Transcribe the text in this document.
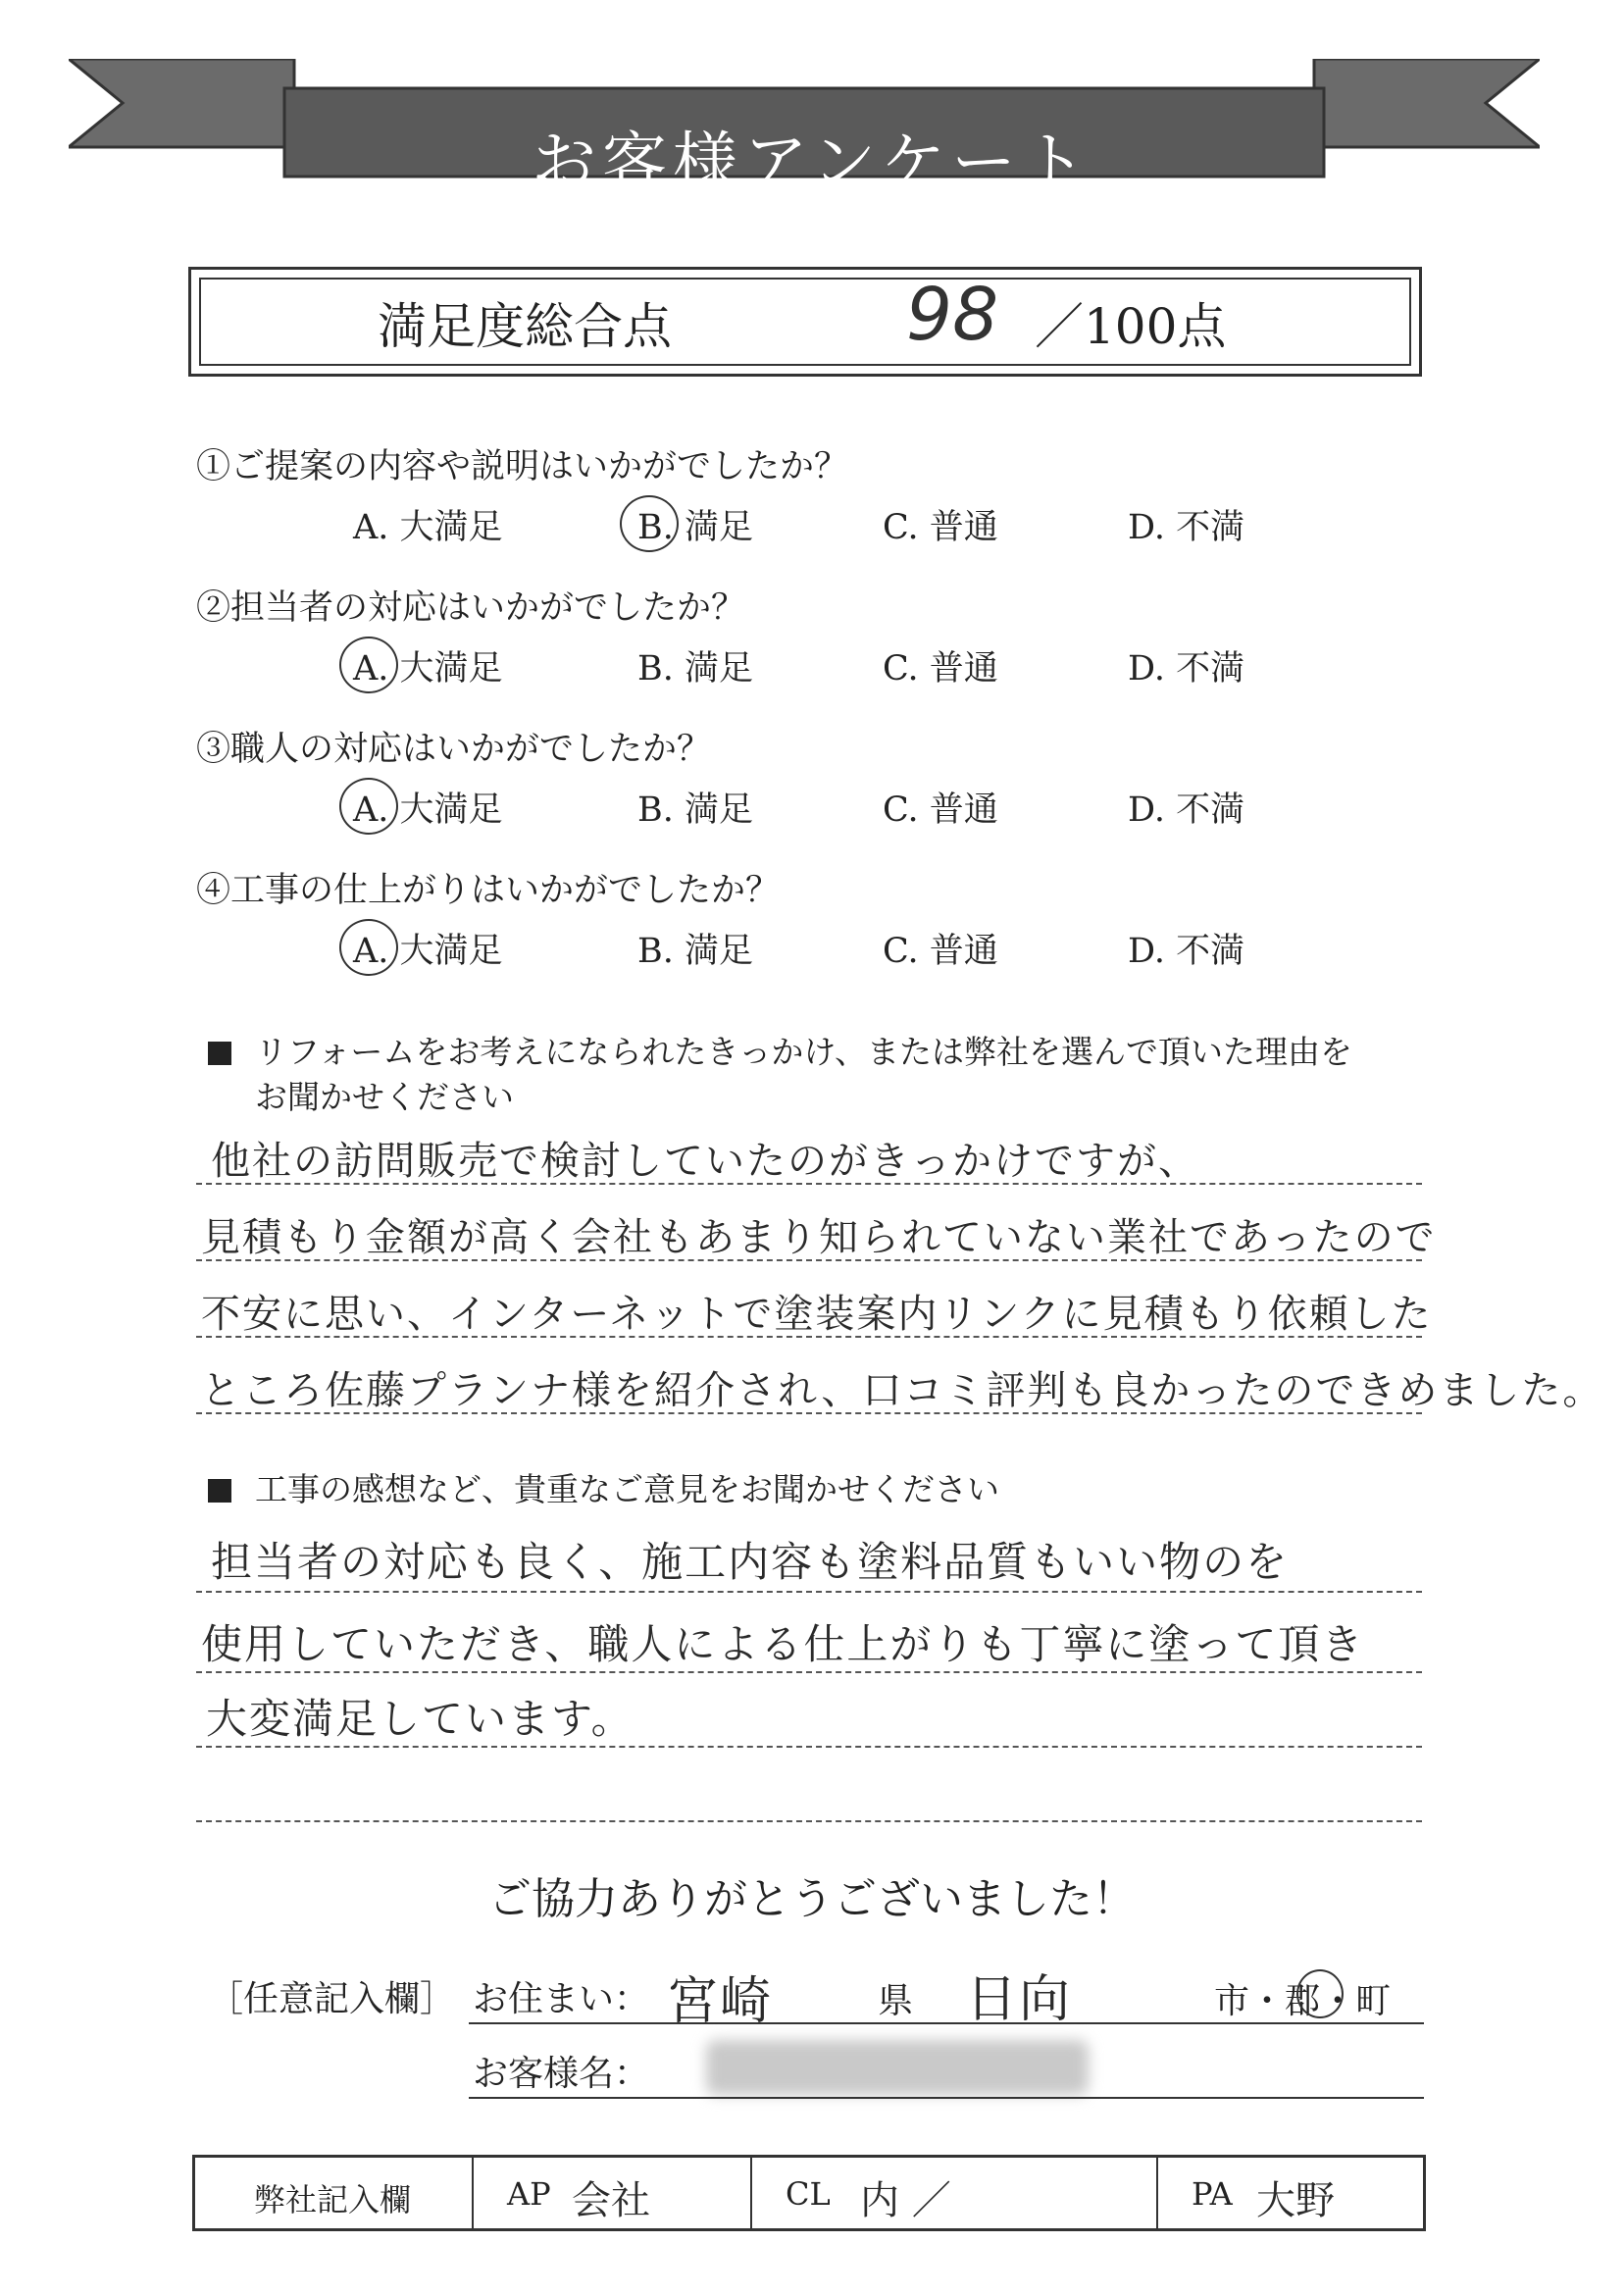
お客様アンケート
満足度総合点	98 ／100点
①ご提案の内容や説明はいかがでしたか？
A. 大満足	B. 満足	C. 普通	D. 不満
②担当者の対応はいかがでしたか？
A. 大満足	B. 満足	C. 普通	D. 不満
③職人の対応はいかがでしたか？
A. 大満足	B. 満足	C. 普通	D. 不満
④工事の仕上がりはいかがでしたか？
A. 大満足	B. 満足	C. 普通	D. 不満
リフォームをお考えになられたきっかけ、または弊社を選んで頂いた理由を
お聞かせください
他社の訪問販売で検討していたのがきっかけですが、
見積もり金額が高く会社もあまり知られていない業社であったので
不安に思い、インターネットで塗装案内リンクに見積もり依頼した
ところ佐藤プランナ様を紹介され、口コミ評判も良かったのできめました。
工事の感想など、貴重なご意見をお聞かせください
担当者の対応も良く、施工内容も塗料品質もいい物のを
使用していただき、職人による仕上がりも丁寧に塗って頂き
大変満足しています。
ご協力ありがとうございました！
［任意記入欄］ お住まい： 宮崎	県 日向	市・郡・町
お客様名：
弊社記入欄	AP 会社	CL 内 ／	PA 大野
